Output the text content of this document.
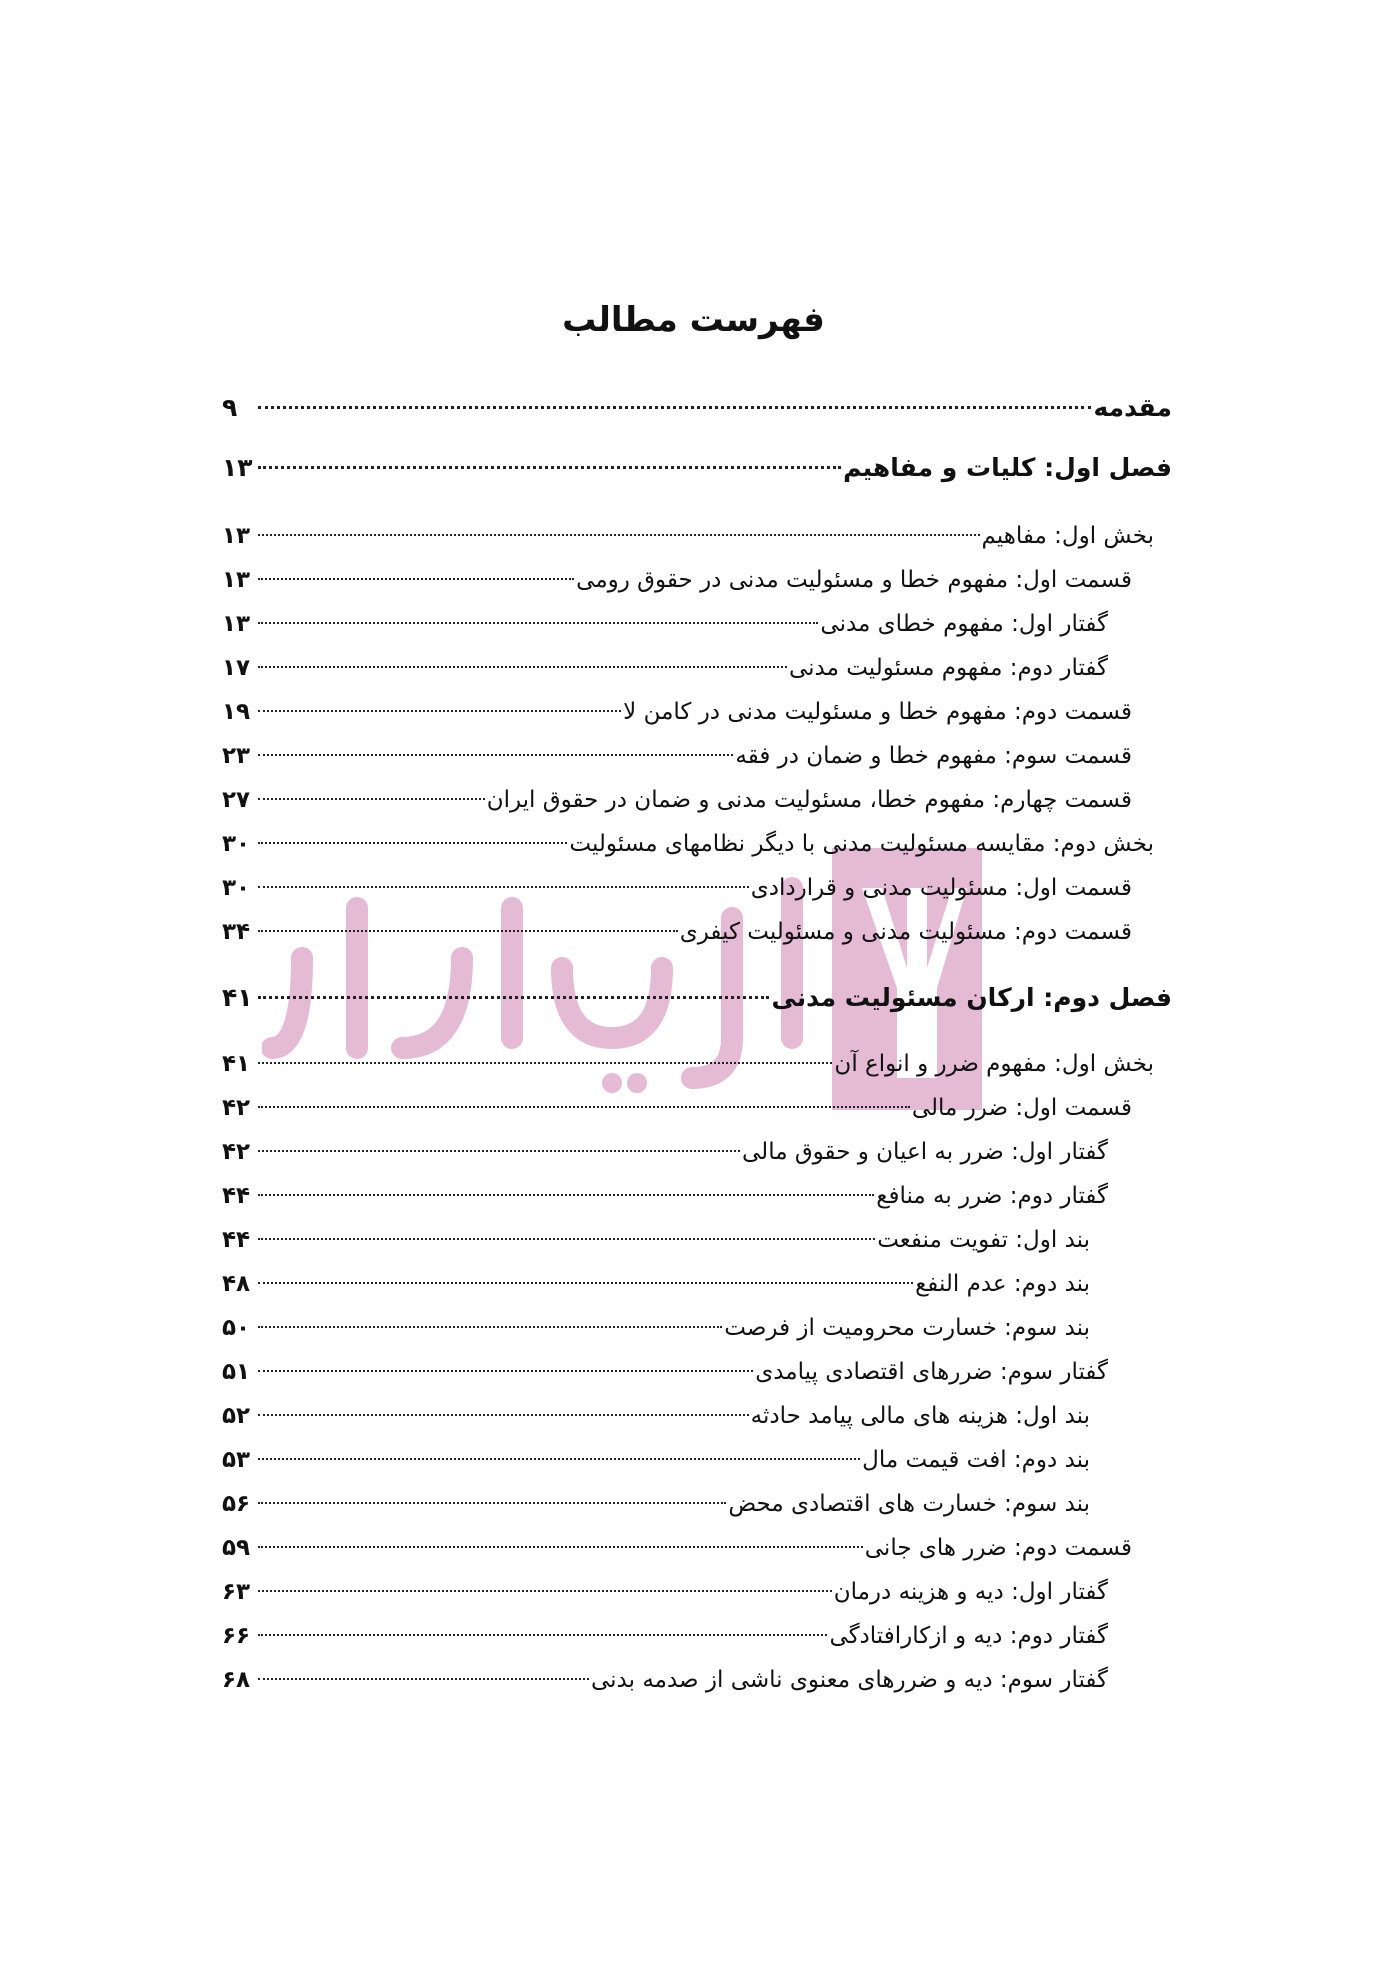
فهرست مطالب
مقدمه
۹
فصل اول: کلیات و مفاهیم
۱۳
بخش اول: مفاهیم
۱۳
قسمت اول: مفهوم خطا و مسئولیت مدنی در حقوق رومی
۱۳
گفتار اول: مفهوم خطای مدنی
۱۳
گفتار دوم: مفهوم مسئولیت مدنی
۱۷
قسمت دوم: مفهوم خطا و مسئولیت مدنی در کامن لا
۱۹
قسمت سوم: مفهوم خطا و ضمان در فقه
۲۳
قسمت چهارم: مفهوم خطا، مسئولیت مدنی و ضمان در حقوق ایران
۲۷
بخش دوم: مقایسه مسئولیت مدنی با دیگر نظامهای مسئولیت
۳۰
قسمت اول: مسئولیت مدنی و قراردادی
۳۰
قسمت دوم: مسئولیت مدنی و مسئولیت کیفری
۳۴
فصل دوم: ارکان مسئولیت مدنی
۴۱
بخش اول: مفهوم ضرر و انواع آن
۴۱
قسمت اول: ضرر مالی
۴۲
گفتار اول: ضرر به اعیان و حقوق مالی
۴۲
گفتار دوم: ضرر به منافع
۴۴
بند اول: تفویت منفعت
۴۴
بند دوم: عدم النفع
۴۸
بند سوم: خسارت محرومیت از فرصت
۵۰
گفتار سوم: ضررهای اقتصادی پیامدی
۵۱
بند اول: هزینه های مالی پیامد حادثه
۵۲
بند دوم: افت قیمت مال
۵۳
بند سوم: خسارت های اقتصادی محض
۵۶
قسمت دوم: ضرر های جانی
۵۹
گفتار اول: دیه و هزینه درمان
۶۳
گفتار دوم: دیه و ازکارافتادگی
۶۶
گفتار سوم: دیه و ضررهای معنوی ناشی از صدمه بدنی
۶۸
